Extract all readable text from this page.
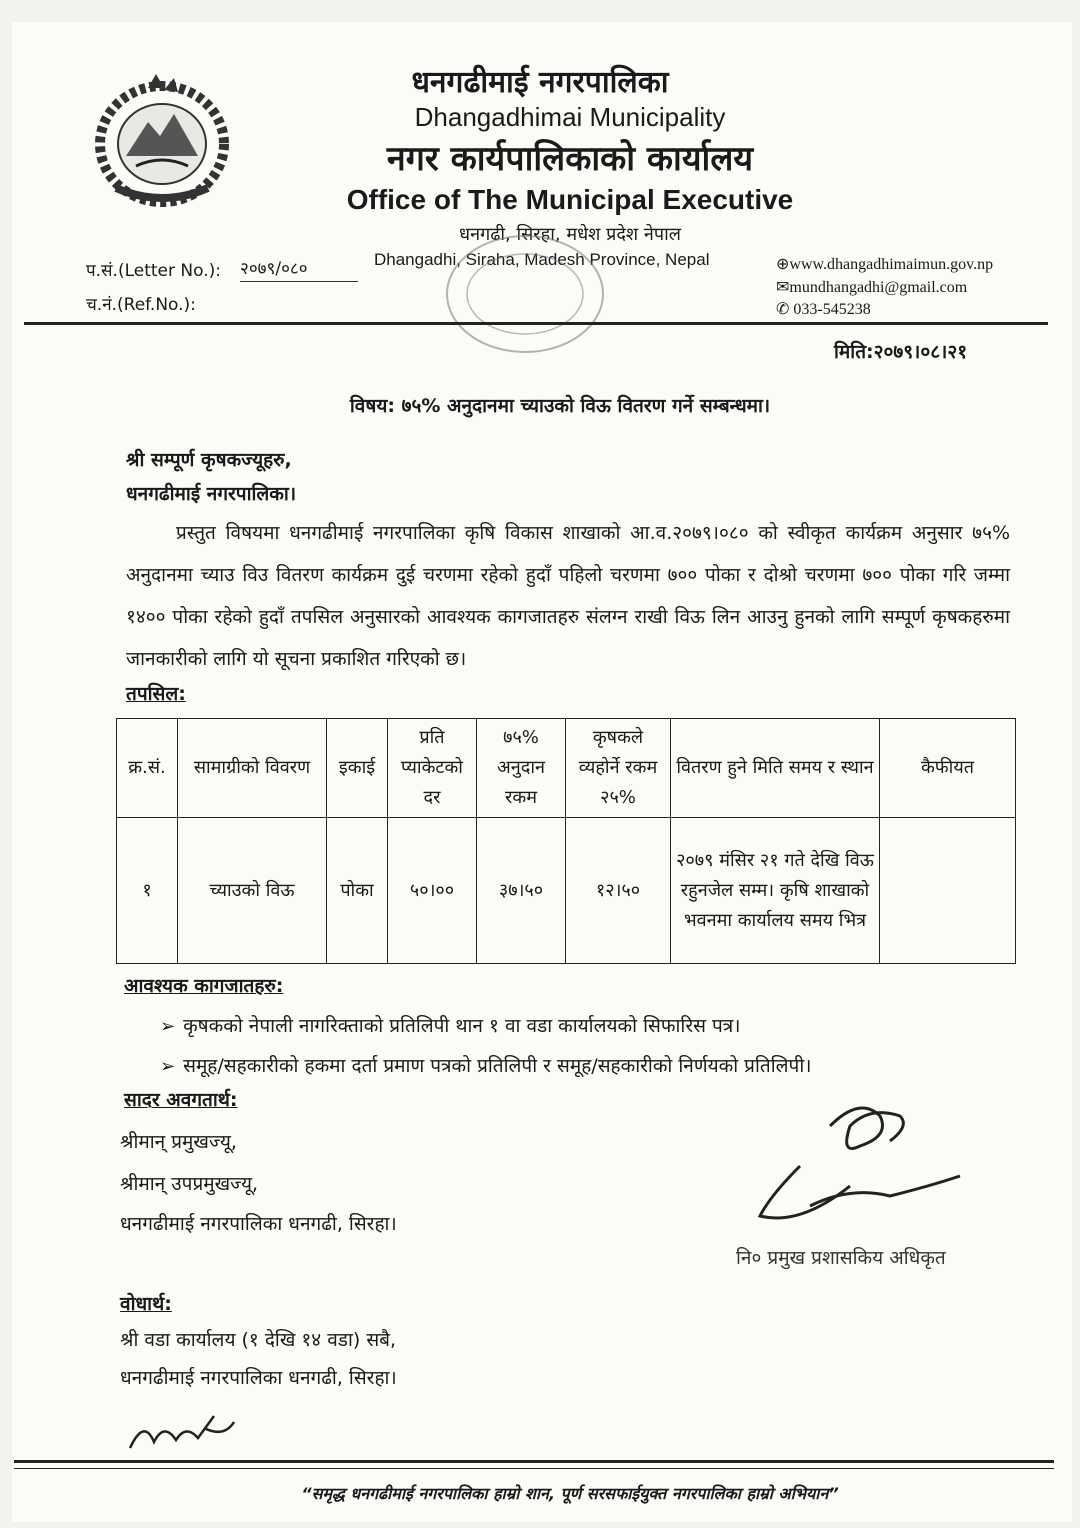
धनगढीमाई नगरपालिका
Dhangadhimai Municipality
नगर कार्यपालिकाको कार्यालय
Office of The Municipal Executive
धनगढी, सिरहा, मधेश प्रदेश नेपाल
Dhangadhi, Siraha, Madesh Province, Nepal
प.सं.(Letter No.): २०७९/०८०
च.नं.(Ref.No.):
⊕www.dhangadhimaimun.gov.np
✉mundhangadhi@gmail.com
✆ 033-545238
मिति:२०७९।०८।२१
विषय: ७५% अनुदानमा च्याउको विऊ वितरण गर्ने सम्बन्धमा।
श्री सम्पूर्ण कृषकज्यूहरु,
धनगढीमाई नगरपालिका।
प्रस्तुत विषयमा धनगढीमाई नगरपालिका कृषि विकास शाखाको आ.व.२०७९।०८० को स्वीकृत कार्यक्रम अनुसार ७५% अनुदानमा च्याउ विउ वितरण कार्यक्रम दुई चरणमा रहेको हुदाँ पहिलो चरणमा ७०० पोका र दोश्रो चरणमा ७०० पोका गरि जम्मा १४०० पोका रहेको हुदाँ तपसिल अनुसारको आवश्यक कागजातहरु संलग्न राखी विऊ लिन आउनु हुनको लागि सम्पूर्ण कृषकहरुमा जानकारीको लागि यो सूचना प्रकाशित गरिएको छ।
तपसिल:
क्र.सं.	सामाग्रीको विवरण	इकाई	प्रति प्याकेटको दर	७५% अनुदान रकम	कृषकले व्यहोर्ने रकम २५%	वितरण हुने मिति समय र स्थान	कैफीयत
१	च्याउको विऊ	पोका	५०।००	३७।५०	१२।५०	२०७९ मंसिर २१ गते देखि विऊ रहुनजेल सम्म। कृषि शाखाको भवनमा कार्यालय समय भित्र	
आवश्यक कागजातहरु:
➢ कृषकको नेपाली नागरिक्ताको प्रतिलिपी थान १ वा वडा कार्यालयको सिफारिस पत्र।
➢ समूह/सहकारीको हकमा दर्ता प्रमाण पत्रको प्रतिलिपी र समूह/सहकारीको निर्णयको प्रतिलिपी।
सादर अवगतार्थ:
श्रीमान् प्रमुखज्यू,
श्रीमान् उपप्रमुखज्यू,
धनगढीमाई नगरपालिका धनगढी, सिरहा।
नि० प्रमुख प्रशासकिय अधिकृत
वोधार्थ:
श्री वडा कार्यालय (१ देखि १४ वडा) सबै,
धनगढीमाई नगरपालिका धनगढी, सिरहा।
“समृद्ध धनगढीमाई नगरपालिका हाम्रो शान, पूर्ण सरसफाईयुक्त नगरपालिका हाम्रो अभियान”
